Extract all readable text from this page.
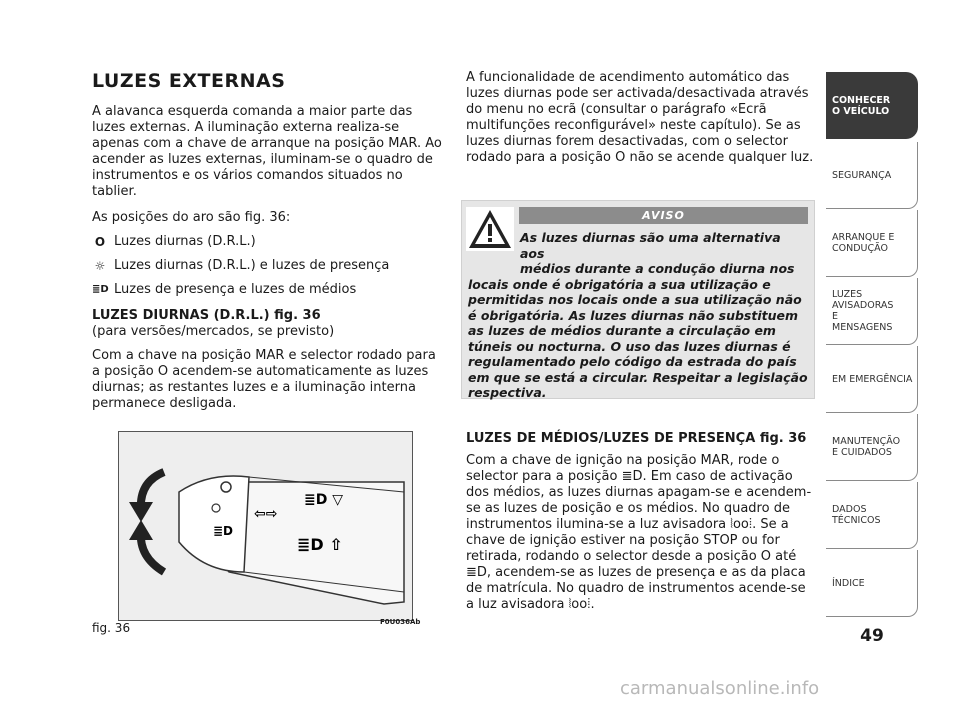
LUZES EXTERNAS

A alavanca esquerda comanda a maior parte das luzes externas. A iluminação externa realiza-se apenas com a chave de arranque na posição MAR. Ao acender as luzes externas, iluminam-se o quadro de instrumentos e os vários comandos situados no tablier.

As posições do aro são fig. 36:

O Luzes diurnas (D.R.L.)
☼ Luzes diurnas (D.R.L.) e luzes de presença
≣D Luzes de presença e luzes de médios

LUZES DIURNAS (D.R.L.) fig. 36

(para versões/mercados, se previsto)

Com a chave na posição MAR e selector rodado para a posição O acendem-se automaticamente as luzes diurnas; as restantes luzes e a iluminação interna permanece desligada.

≣D
⇦⇨
≣D ▽
≣D ⇧
fig. 36	F0U036Ab

A funcionalidade de acendimento automático das luzes diurnas pode ser activada/desactivada através do menu no ecrã (consultar o parágrafo «Ecrã multifunções reconfigurável» neste capítulo). Se as luzes diurnas forem desactivadas, com o selector rodado para a posição O não se acende qualquer luz.

AVISO
As luzes diurnas são uma alternativa aos
médios durante a condução diurna nos
locais onde é obrigatória a sua utilização e permitidas nos locais onde a sua utilização não é obrigatória. As luzes diurnas não substituem as luzes de médios durante a circulação em túneis ou nocturna. O uso das luzes diurnas é regulamentado pelo código da estrada do país em que se está a circular. Respeitar a legislação respectiva.

LUZES DE MÉDIOS/LUZES DE PRESENÇA fig. 36

Com a chave de ignição na posição MAR, rode o selector para a posição ≣D. Em caso de activação dos médios, as luzes diurnas apagam-se e acendem-se as luzes de posição e os médios. No quadro de instrumentos ilumina-se a luz avisadora ⦚oo⦙. Se a chave de ignição estiver na posição STOP ou for retirada, rodando o selector desde a posição O até ≣D, acendem-se as luzes de presença e as da placa de matrícula. No quadro de instrumentos acende-se a luz avisadora ⦚oo⦙.

CONHECER O VEÍCULO
SEGURANÇA
ARRANQUE E CONDUÇÃO
LUZES AVISADORAS E MENSAGENS
EM EMERGÊNCIA
MANUTENÇÃO E CUIDADOS
DADOS TÉCNICOS
ÍNDICE
49
carmanualsonline.info
